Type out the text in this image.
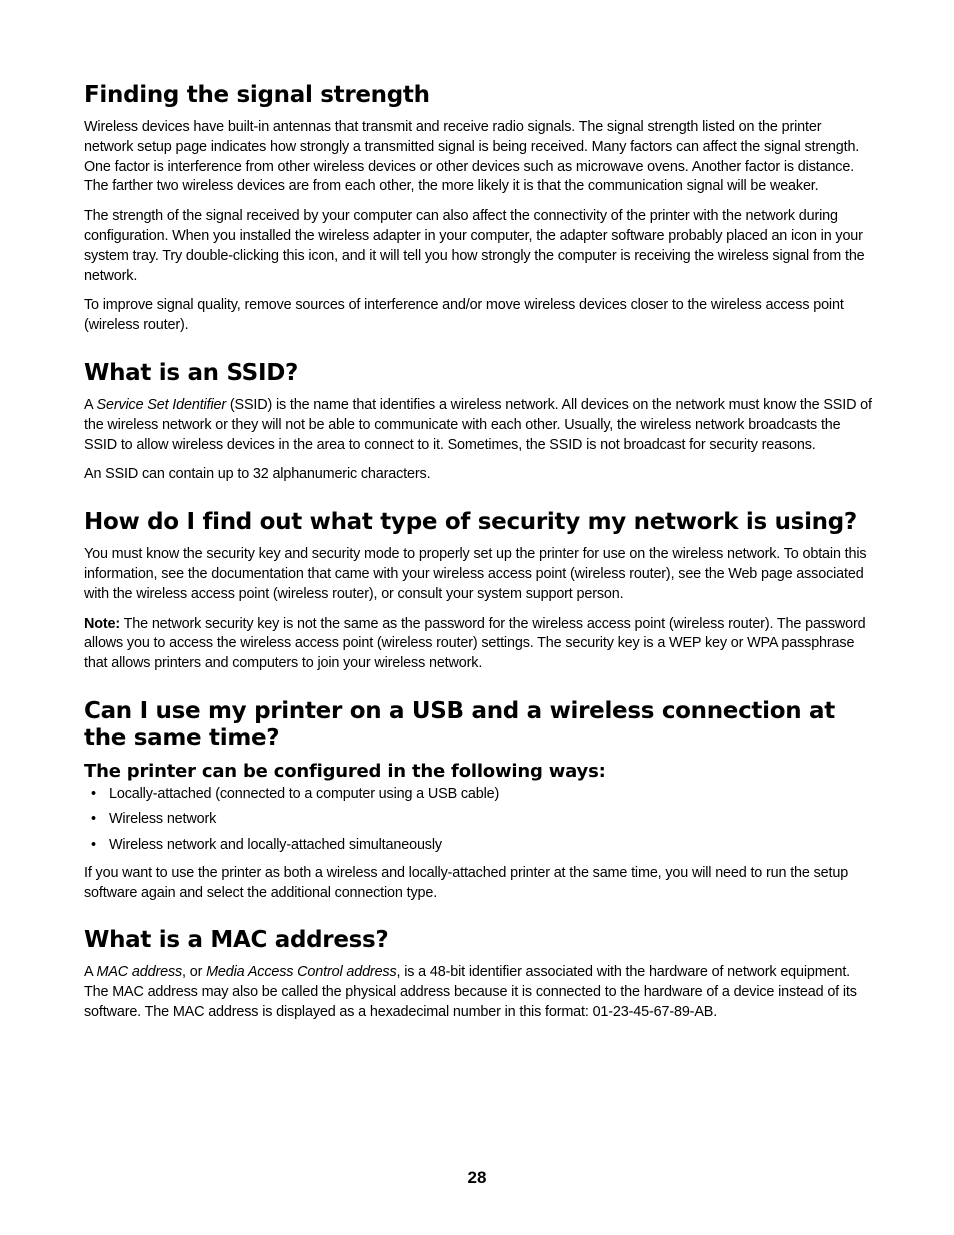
Finding the signal strength

Wireless devices have built-in antennas that transmit and receive radio signals. The signal strength listed on the printer network setup page indicates how strongly a transmitted signal is being received. Many factors can affect the signal strength. One factor is interference from other wireless devices or other devices such as microwave ovens. Another factor is distance. The farther two wireless devices are from each other, the more likely it is that the communication signal will be weaker.

The strength of the signal received by your computer can also affect the connectivity of the printer with the network during configuration. When you installed the wireless adapter in your computer, the adapter software probably placed an icon in your system tray. Try double-clicking this icon, and it will tell you how strongly the computer is receiving the wireless signal from the network.

To improve signal quality, remove sources of interference and/or move wireless devices closer to the wireless access point (wireless router).

What is an SSID?

A Service Set Identifier (SSID) is the name that identifies a wireless network. All devices on the network must know the SSID of the wireless network or they will not be able to communicate with each other. Usually, the wireless network broadcasts the SSID to allow wireless devices in the area to connect to it. Sometimes, the SSID is not broadcast for security reasons.

An SSID can contain up to 32 alphanumeric characters.

How do I find out what type of security my network is using?

You must know the security key and security mode to properly set up the printer for use on the wireless network. To obtain this information, see the documentation that came with your wireless access point (wireless router), see the Web page associated with the wireless access point (wireless router), or consult your system support person.

Note: The network security key is not the same as the password for the wireless access point (wireless router). The password allows you to access the wireless access point (wireless router) settings. The security key is a WEP key or WPA passphrase that allows printers and computers to join your wireless network.

Can I use my printer on a USB and a wireless connection at the same time?
The printer can be configured in the following ways:
• Locally-attached (connected to a computer using a USB cable)
• Wireless network
• Wireless network and locally-attached simultaneously

If you want to use the printer as both a wireless and locally-attached printer at the same time, you will need to run the setup software again and select the additional connection type.

What is a MAC address?

A MAC address, or Media Access Control address, is a 48-bit identifier associated with the hardware of network equipment. The MAC address may also be called the physical address because it is connected to the hardware of a device instead of its software. The MAC address is displayed as a hexadecimal number in this format: 01-23-45-67-89-AB.

28
